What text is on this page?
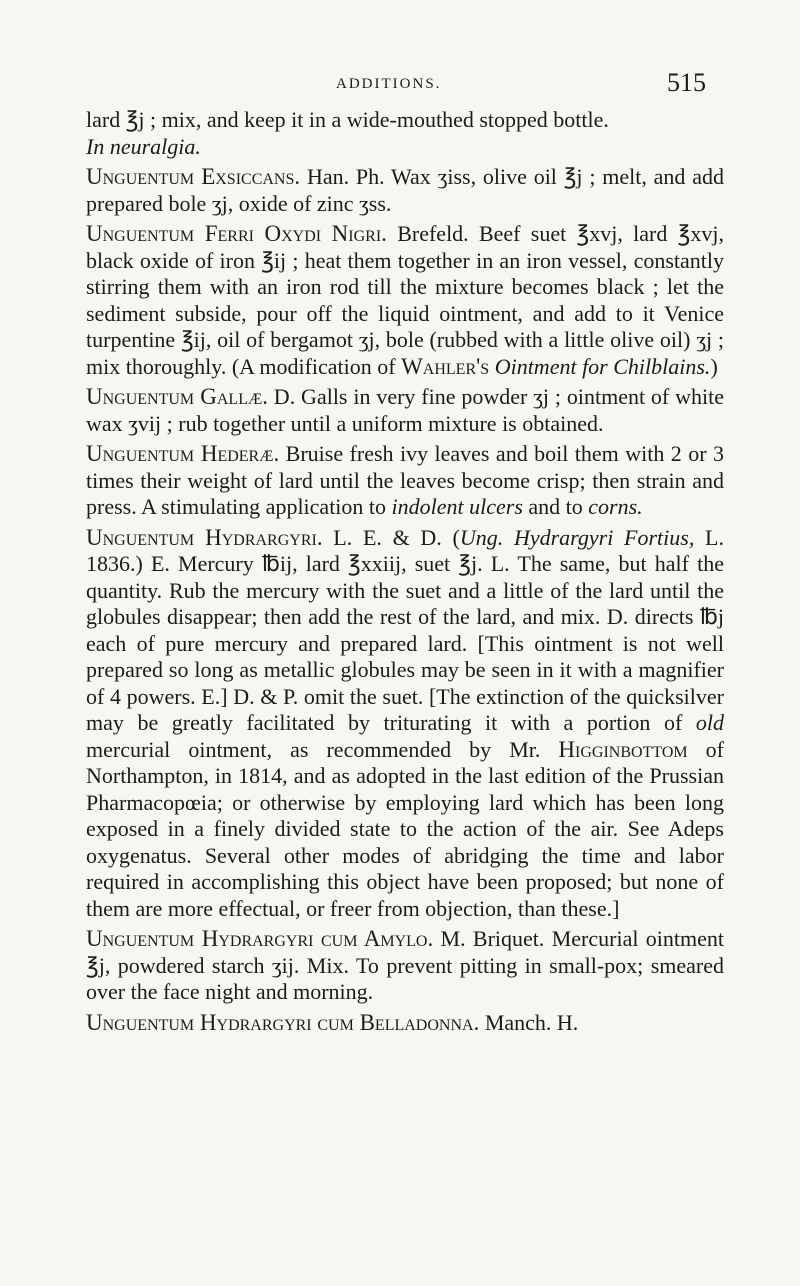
ADDITIONS.	515

lard ℥j ; mix, and keep it in a wide-mouthed stopped bottle.
In neuralgia.

Unguentum Exsiccans. Han. Ph. Wax ʒiss, olive oil ℥j ; melt, and add prepared bole ʒj, oxide of zinc ʒss.

Unguentum Ferri Oxydi Nigri. Brefeld. Beef suet ℥xvj, lard ℥xvj, black oxide of iron ℥ij ; heat them together in an iron vessel, constantly stirring them with an iron rod till the mixture becomes black ; let the sediment subside, pour off the liquid ointment, and add to it Venice turpentine ℥ij, oil of bergamot ʒj, bole (rubbed with a little olive oil) ʒj ; mix thoroughly. (A modification of Wahler's Ointment for Chilblains.)

Unguentum Gallæ. D. Galls in very fine powder ʒj ; ointment of white wax ʒvij ; rub together until a uniform mixture is obtained.

Unguentum Hederæ. Bruise fresh ivy leaves and boil them with 2 or 3 times their weight of lard until the leaves become crisp; then strain and press. A stimulating application to indolent ulcers and to corns.

Unguentum Hydrargyri. L. E. & D. (Ung. Hydrargyri Fortius, L. 1836.) E. Mercury ℔ij, lard ℥xxiij, suet ℥j. L. The same, but half the quantity. Rub the mercury with the suet and a little of the lard until the globules disappear; then add the rest of the lard, and mix. D. directs ℔j each of pure mercury and prepared lard. [This ointment is not well prepared so long as metallic globules may be seen in it with a magnifier of 4 powers. E.] D. & P. omit the suet. [The extinction of the quicksilver may be greatly facilitated by triturating it with a portion of old mercurial ointment, as recommended by Mr. Higginbottom of Northampton, in 1814, and as adopted in the last edition of the Prussian Pharmacopœia; or otherwise by employing lard which has been long exposed in a finely divided state to the action of the air. See Adeps oxygenatus. Several other modes of abridging the time and labor required in accomplishing this object have been proposed; but none of them are more effectual, or freer from objection, than these.]

Unguentum Hydrargyri cum Amylo. M. Briquet. Mercurial ointment ℥j, powdered starch ʒij. Mix. To prevent pitting in small-pox; smeared over the face night and morning.

Unguentum Hydrargyri cum Belladonna. Manch. H.
